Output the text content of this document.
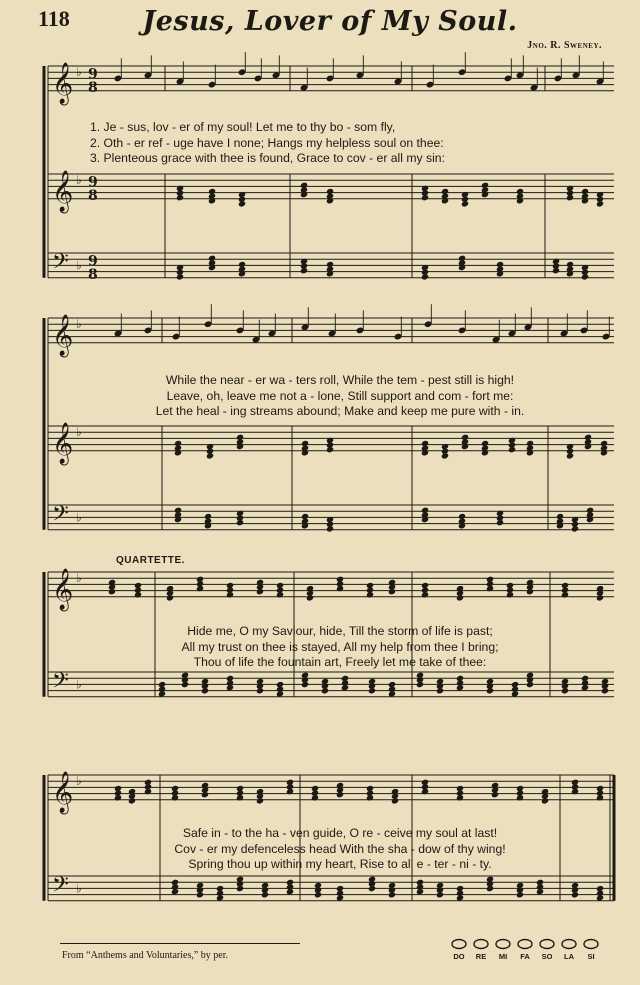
118	Jesus, Lover of My Soul.
Jno. R. Sweney.
𝄞 ♭ 9
8
𝄞 ♭ 9
8
𝄢 ♭ 9
8
𝄞 ♭
𝄞 ♭
𝄢 ♭
𝄞 ♭
𝄢 ♭
𝄞 ♭
𝄢 ♭
1. Je - sus, lov - er of my soul! Let me to thy bo - som fly,
2. Oth - er ref - uge have I none; Hangs my helpless soul on thee:
3. Plenteous grace with thee is found, Grace to cov - er all my sin:
While the near - er wa - ters roll, While the tem - pest still is high!
Leave, oh, leave me not a - lone, Still support and com - fort me:
Let the heal - ing streams abound; Make and keep me pure with - in.
QUARTETTE.
Hide me, O my Saviour, hide, Till the storm of life is past;
All my trust on thee is stayed, All my help from thee I bring;
Thou of life the fountain art, Freely let me take of thee:
Safe in - to the ha - ven guide, O re - ceive my soul at last!
Cov - er my defenceless head With the sha - dow of thy wing!
Spring thou up within my heart, Rise to all e - ter - ni - ty.
From “Anthems and Voluntaries,” by per.	DO	RE	MI	FA	SO	LA	SI
